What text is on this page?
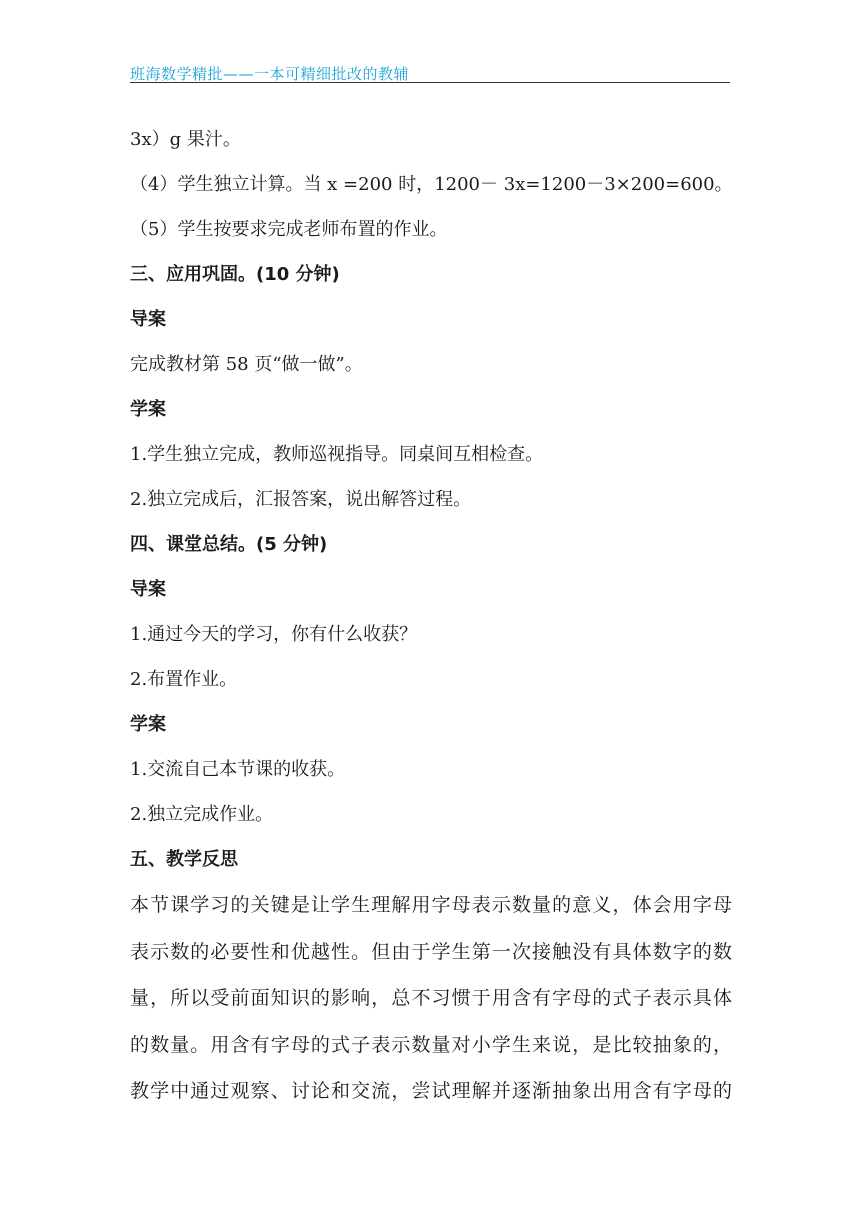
班海数学精批——一本可精细批改的教辅
3x）g 果汁。
（4）学生独立计算。当 x =200 时，1200－ 3x=1200－3×200=600。
（5）学生按要求完成老师布置的作业。
三、应用巩固。(10 分钟)
导案
完成教材第 58 页“做一做”。
学案
1.学生独立完成，教师巡视指导。同桌间互相检查。
2.独立完成后，汇报答案，说出解答过程。
四、课堂总结。(5 分钟)
导案
1.通过今天的学习，你有什么收获？
2.布置作业。
学案
1.交流自己本节课的收获。
2.独立完成作业。
五、教学反思

本节课学习的关键是让学生理解用字母表示数量的意义，体会用字母

表示数的必要性和优越性。但由于学生第一次接触没有具体数字的数

量，所以受前面知识的影响，总不习惯于用含有字母的式子表示具体

的数量。用含有字母的式子表示数量对小学生来说，是比较抽象的，

教学中通过观察、讨论和交流，尝试理解并逐渐抽象出用含有字母的
